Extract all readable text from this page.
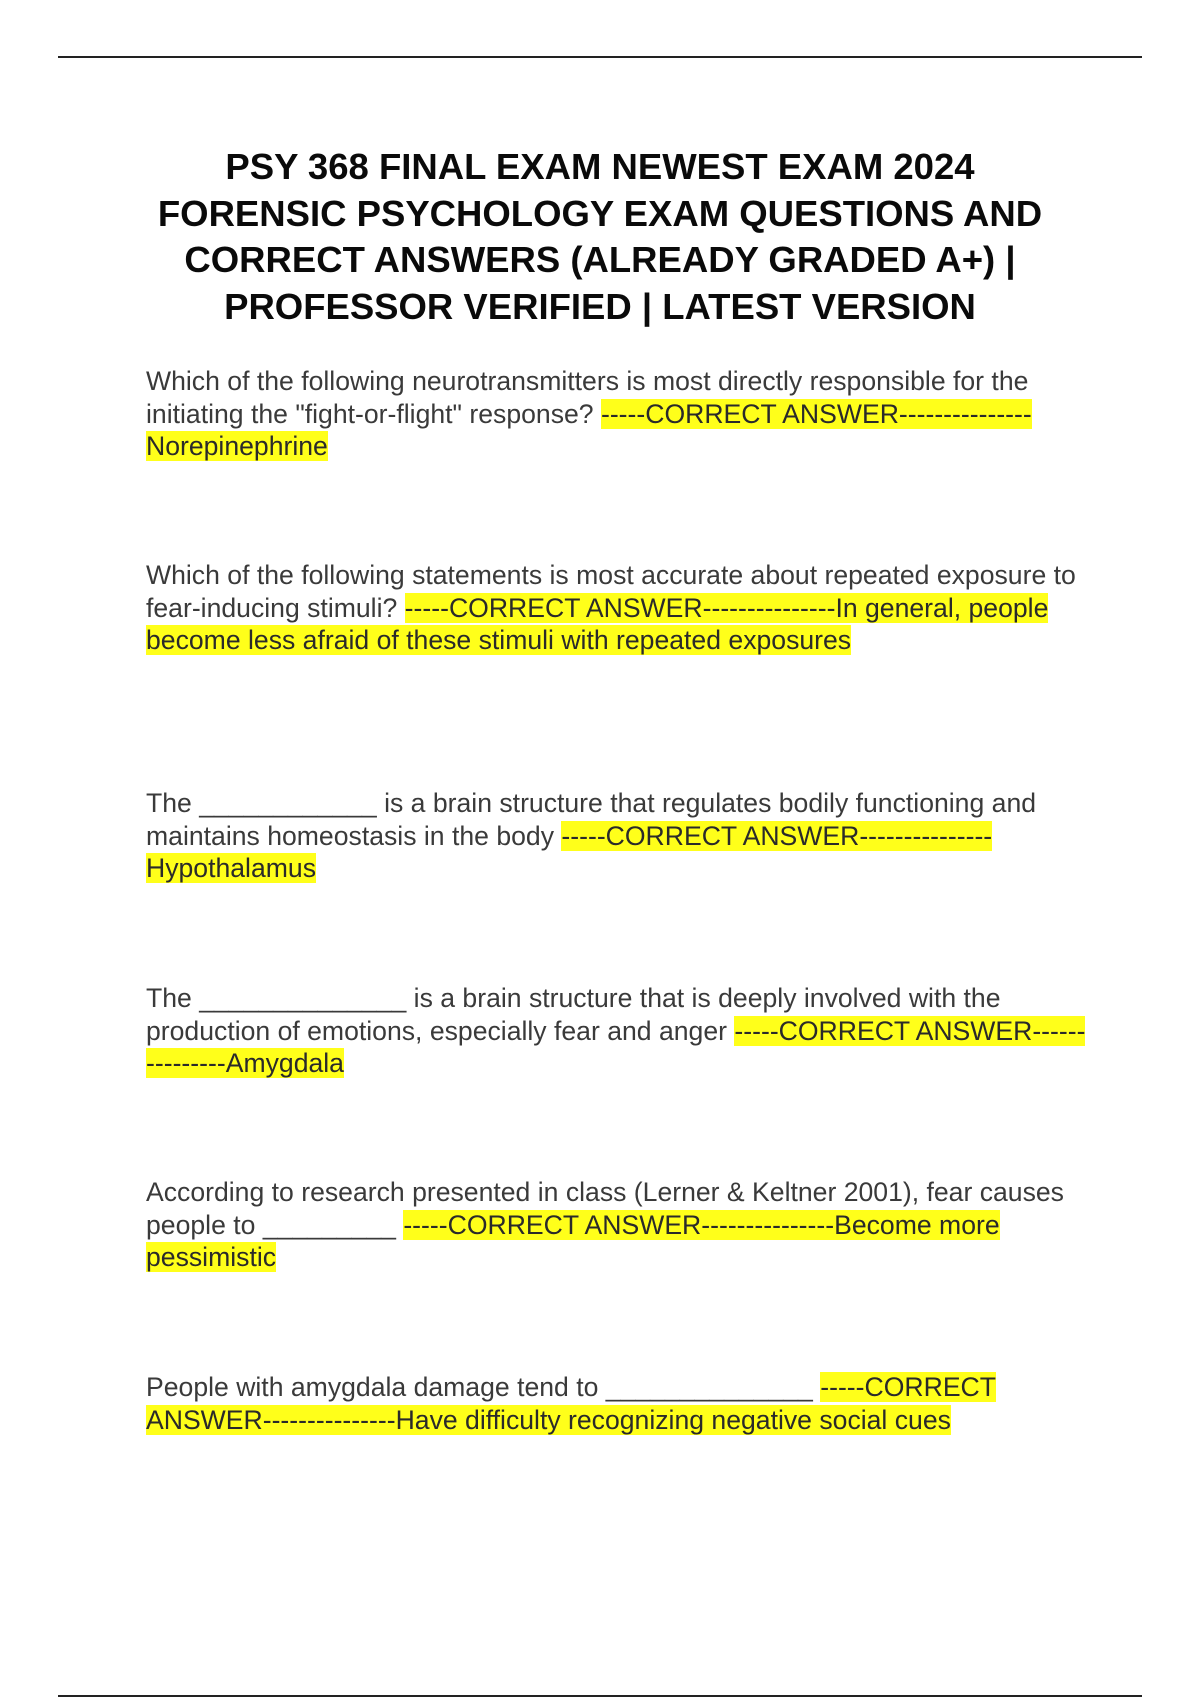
PSY 368 FINAL EXAM NEWEST EXAM 2024 FORENSIC PSYCHOLOGY EXAM QUESTIONS AND CORRECT ANSWERS (ALREADY GRADED A+) | PROFESSOR VERIFIED | LATEST VERSION

Which of the following neurotransmitters is most directly responsible for the initiating the "fight-or-flight" response? -----CORRECT ANSWER---------------Norepinephrine

Which of the following statements is most accurate about repeated exposure to fear-inducing stimuli? -----CORRECT ANSWER---------------In general, people become less afraid of these stimuli with repeated exposures

The ____________ is a brain structure that regulates bodily functioning and maintains homeostasis in the body -----CORRECT ANSWER---------------Hypothalamus

The ______________ is a brain structure that is deeply involved with the production of emotions, especially fear and anger -----CORRECT ANSWER---------------Amygdala

According to research presented in class (Lerner & Keltner 2001), fear causes people to _________ -----CORRECT ANSWER---------------Become more pessimistic

People with amygdala damage tend to ______________ -----CORRECT ANSWER---------------Have difficulty recognizing negative social cues
